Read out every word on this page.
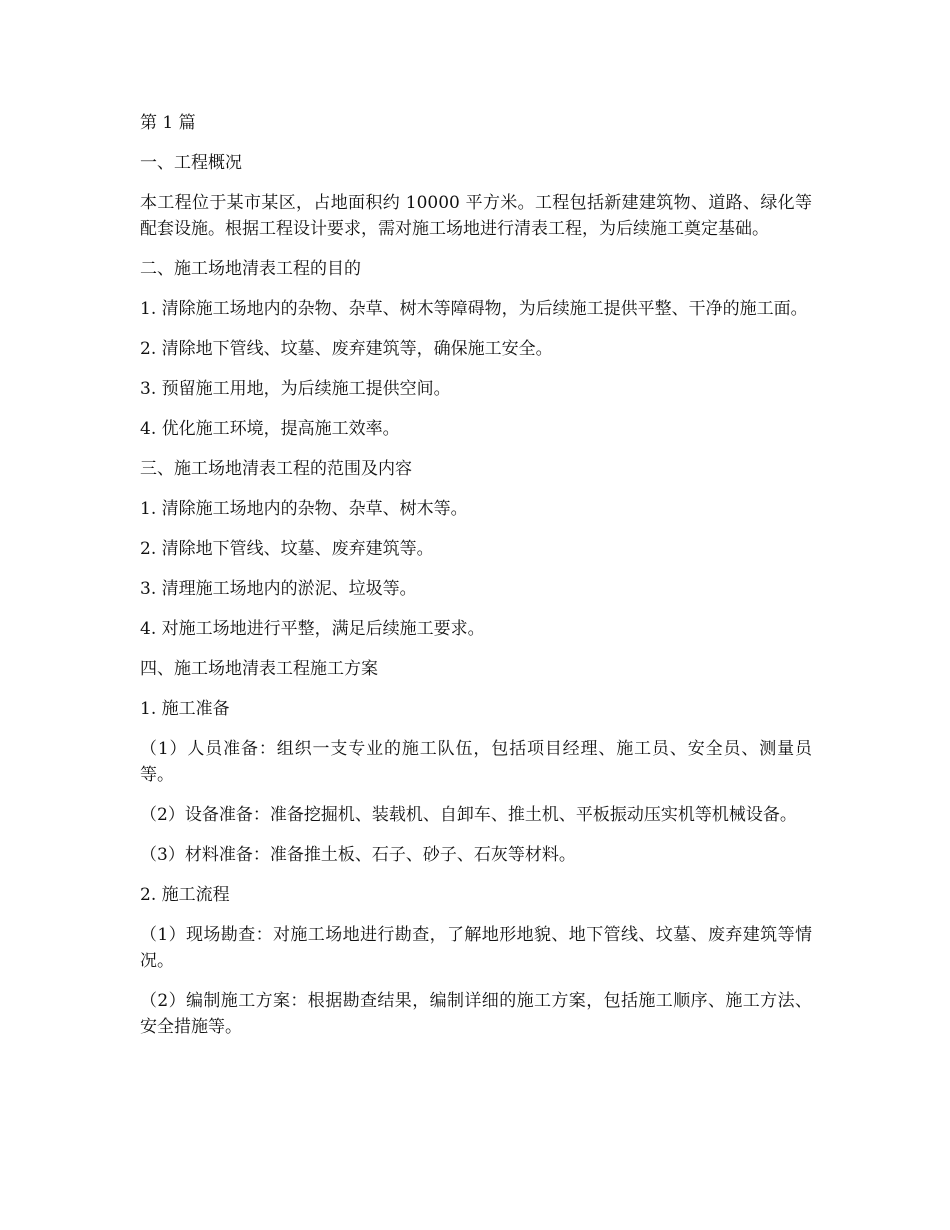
第 1 篇

一、工程概况

本工程位于某市某区，占地面积约 10000 平方米。工程包括新建建筑物、道路、绿化等配套设施。根据工程设计要求，需对施工场地进行清表工程，为后续施工奠定基础。

二、施工场地清表工程的目的

1. 清除施工场地内的杂物、杂草、树木等障碍物，为后续施工提供平整、干净的施工面。

2. 清除地下管线、坟墓、废弃建筑等，确保施工安全。

3. 预留施工用地，为后续施工提供空间。

4. 优化施工环境，提高施工效率。

三、施工场地清表工程的范围及内容

1. 清除施工场地内的杂物、杂草、树木等。

2. 清除地下管线、坟墓、废弃建筑等。

3. 清理施工场地内的淤泥、垃圾等。

4. 对施工场地进行平整，满足后续施工要求。

四、施工场地清表工程施工方案

1. 施工准备

（1）人员准备：组织一支专业的施工队伍，包括项目经理、施工员、安全员、测量员等。

（2）设备准备：准备挖掘机、装载机、自卸车、推土机、平板振动压实机等机械设备。

（3）材料准备：准备推土板、石子、砂子、石灰等材料。

2. 施工流程

（1）现场勘查：对施工场地进行勘查，了解地形地貌、地下管线、坟墓、废弃建筑等情况。

（2）编制施工方案：根据勘查结果，编制详细的施工方案，包括施工顺序、施工方法、安全措施等。
